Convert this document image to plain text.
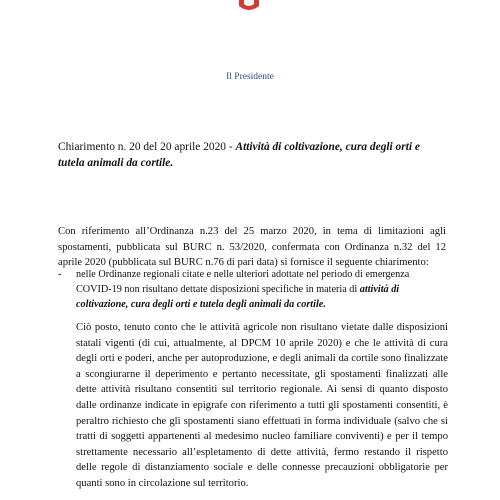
Il Presidente

Chiarimento n. 20 del 20 aprile 2020 - Attività di coltivazione, cura degli orti e tutela animali da cortile.

Con riferimento all’Ordinanza n.23 del 25 marzo 2020, in tema di limitazioni agli spostamenti, pubblicata sul BURC n. 53/2020, confermata con Ordinanza n.32 del 12 aprile 2020 (pubblicata sul BURC n.76 di pari data) si fornisce il seguente chiarimento:

- nelle Ordinanze regionali citate e nelle ulteriori adottate nel periodo di emergenza COVID-19 non risultano dettate disposizioni specifiche in materia di attività di coltivazione, cura degli orti e tutela degli animali da cortile.

Ciò posto, tenuto conto che le attività agricole non risultano vietate dalle disposizioni statali vigenti (di cui, attualmente, al DPCM 10 aprile 2020) e che le attività di cura degli orti e poderi, anche per autoproduzione, e degli animali da cortile sono finalizzate a scongiurarne il deperimento e pertanto necessitate, gli spostamenti finalizzati alle dette attività risultano consentiti sul territorio regionale. Ai sensi di quanto disposto dalle ordinanze indicate in epigrafe con riferimento a tutti gli spostamenti consentiti, è peraltro richiesto che gli spostamenti siano effettuati in forma individuale (salvo che si tratti di soggetti appartenenti al medesimo nucleo familiare conviventi) e per il tempo strettamente necessario all’espletamento di dette attività, fermo restando il rispetto delle regole di distanziamento sociale e delle connesse precauzioni obbligatorie per quanti sono in circolazione sul territorio.
